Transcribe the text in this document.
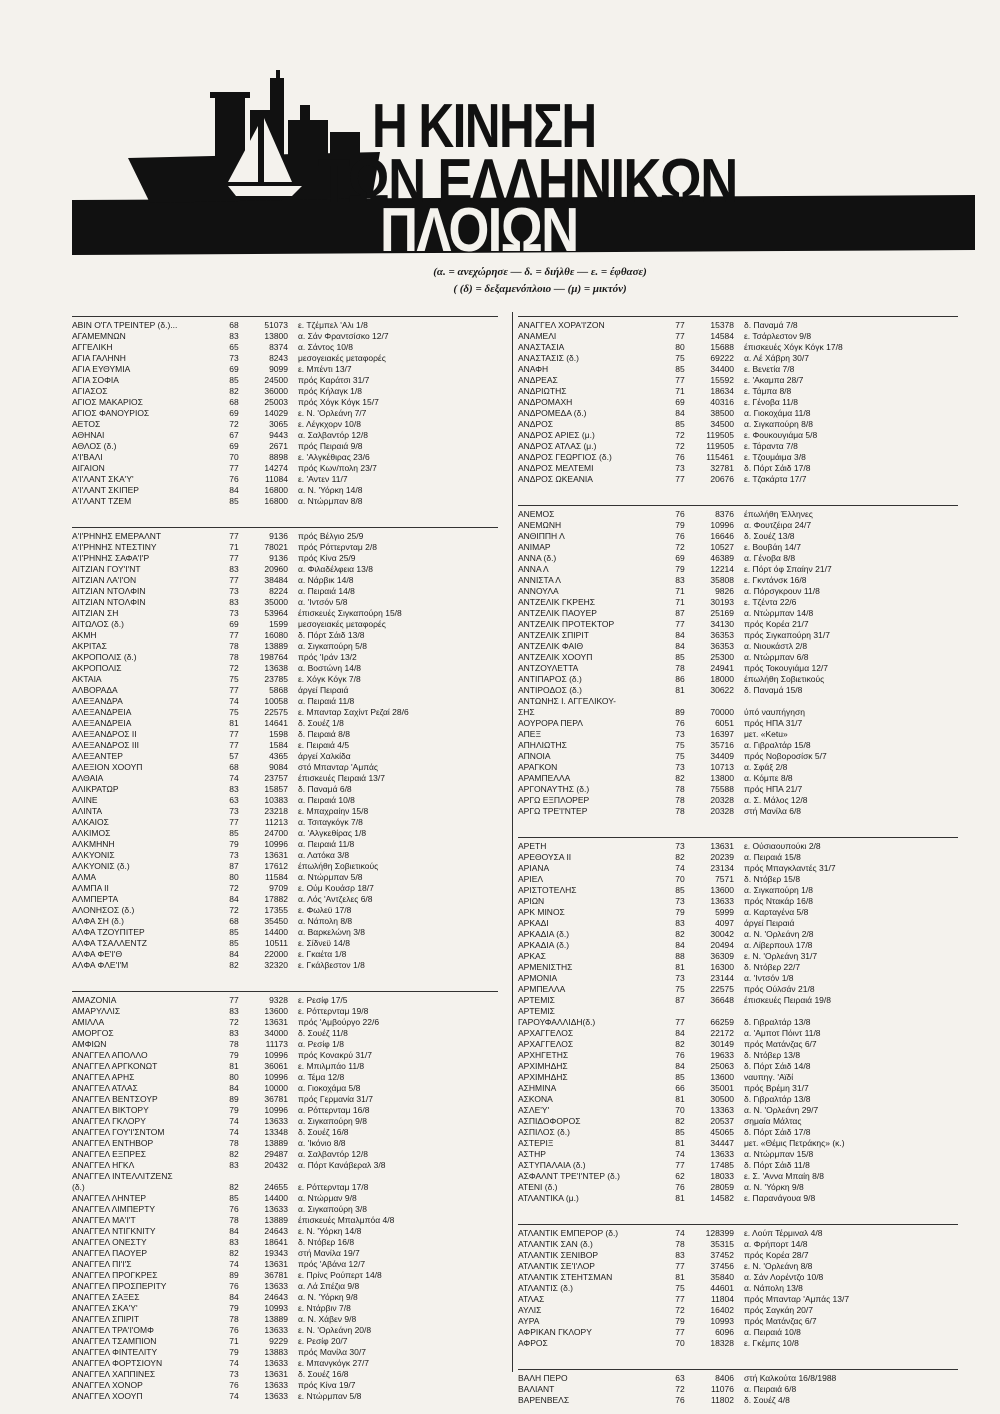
Η ΚΙΝΗΣΗ
ΤΩΝ ΕΛΛΗΝΙΚΩΝ
ΠΛΟΙΩΝ
(α. = ανεχώρησε — δ. = διήλθε — ε. = έφθασε)
( (δ) = δεξαμενόπλοιο — (μ) = μικτόν)
ΑΒΙΝ Ο'ΓΛ ΤΡΕΙΝΤΕΡ (δ.)...	68	51073	ε. Τζέμπελ 'Αλι 1/8
ΑΓΑΜΕΜΝΩΝ	83	13800	α. Σάν Φραντσίσκο 12/7
ΑΓΓΕΛΙΚΗ	65	8374	α. Σάντος 10/8
ΑΓΙΑ ΓΑΛΗΝΗ	73	8243	μεσογειακές μεταφορές
ΑΓΙΑ ΕΥΘΥΜΙΑ	69	9099	ε. Μπέντι 13/7
ΑΓΙΑ ΣΟΦΙΑ	85	24500	πρός Καράτσι 31/7
ΑΓΙΑΣΟΣ	82	36000	πρός Κήλαγκ 1/8
ΑΓΙΟΣ ΜΑΚΑΡΙΟΣ	68	25003	πρός Χόγκ Κόγκ 15/7
ΑΓΙΟΣ ΦΑΝΟΥΡΙΟΣ	69	14029	ε. Ν. 'Ορλεάνη 7/7
ΑΕΤΟΣ	72	3065	ε. Λέγκχορν 10/8
ΑΘΗΝΑΙ	67	9443	α. Σαλβαντόρ 12/8
ΑΘΛΟΣ (δ.)	69	2671	πρός Πειραιά 9/8
Α'Ι'ΒΑΛΙ	70	8898	ε. 'Αλγκέθιρας 23/6
ΑΙΓΑΙΟΝ	77	14274	πρός Κων/πολη 23/7
Α'Ι'ΛΑΝΤ ΣΚΑ'Υ'	76	11084	ε. 'Αντεν 11/7
Α'Ι'ΛΑΝΤ ΣΚΙΠΕΡ	84	16800	α. Ν. 'Υόρκη 14/8
Α'Ι'ΛΑΝΤ ΤΖΕΜ	85	16800	α. Ντώρμπαν 8/8
Α'Ι'ΡΗΝΗΣ ΕΜΕΡΑΛΝΤ	77	9136	πρός Βέλγιο 25/9
Α'Ι'ΡΗΝΗΣ ΝΤΕΣΤΙΝΥ	71	78021	πρός Ρόττερνταμ 2/8
Α'Ι'ΡΗΝΗΣ ΣΑΦΑ'Ι'Ρ	77	9136	πρός Κίνα 25/9
ΑΙΤΖΙΑΝ ΓΟΥ'Ι'ΝΤ	83	20960	α. Φιλαδέλφεια 13/8
ΑΙΤΖΙΑΝ ΛΑ'Ι'ΟΝ	77	38484	α. Νάρβικ 14/8
ΑΙΤΖΙΑΝ ΝΤΟΛΦΙΝ	73	8224	α. Πειραιά 14/8
ΑΙΤΖΙΑΝ ΝΤΟΛΦΙΝ	83	35000	α. 'Ιντσόν 5/8
ΑΙΤΖΙΑΝ ΣΗ	73	53964	έπισκευές Σιγκαπούρη 15/8
ΑΙΤΩΛΟΣ (δ.)	69	1599	μεσογειακές μεταφορές
ΑΚΜΗ	77	16080	δ. Πόρτ Σάιδ 13/8
ΑΚΡΙΤΑΣ	78	13889	α. Σιγκαπούρη 5/8
ΑΚΡΟΠΟΛΙΣ (δ.)	78	198764	πρός 'Ιράν 13/2
ΑΚΡΟΠΟΛΙΣ	72	13638	α. Βοστώνη 14/8
ΑΚΤΑΙΑ	75	23785	ε. Χόγκ Κόγκ 7/8
ΑΛΒΟΡΑΔΑ	77	5868	άργεί Πειραιά
ΑΛΕΞΑΝΔΡΑ	74	10058	α. Πειραιά 11/8
ΑΛΕΞΑΝΔΡΕΙΑ	75	22575	ε. Μπανταρ Σαχίντ Ρεζαί 28/6
ΑΛΕΞΑΝΔΡΕΙΑ	81	14641	δ. Σουέζ 1/8
ΑΛΕΞΑΝΔΡΟΣ ΙΙ	77	1598	δ. Πειραιά 8/8
ΑΛΕΞΑΝΔΡΟΣ ΙΙΙ	77	1584	ε. Πειραιά 4/5
ΑΛΕΞΑΝΤΕΡ	57	4365	άργεί Χαλκίδα
ΑΛΕΞΙΟΝ ΧΟΟΥΠ	68	9084	στό Μπανταρ 'Αμπάς
ΑΛΘΑΙΑ	74	23757	έπισκευές Πειραιά 13/7
ΑΛΙΚΡΑΤΩΡ	83	15857	δ. Παναμά 6/8
ΑΛΙΝΕ	63	10383	α. Πειραιά 10/8
ΑΛΙΝΤΑ	73	23218	ε. Μπαχραίην 15/8
ΑΛΚΑΙΟΣ	77	11213	α. Τσιταγκόγκ 7/8
ΑΛΚΙΜΟΣ	85	24700	α. 'Αλγκεθίρας 1/8
ΑΛΚΜΗΝΗ	79	10996	α. Πειραιά 11/8
ΑΛΚΥΟΝΙΣ	73	13631	α. Λατόκα 3/8
ΑΛΚΥΟΝΙΣ (δ.)	87	17612	έπωλήθη Σοβιετικούς
ΑΛΜΑ	80	11584	α. Ντώρμπαν 5/8
ΑΛΜΠΑ ΙΙ	72	9709	ε. Ούμ Κουάσρ 18/7
ΑΛΜΠΕΡΤΑ	84	17882	α. Λός 'Αντζελες 6/8
ΑΛΟΝΗΣΟΣ (δ.)	72	17355	ε. Φωλεϋ 17/8
ΑΛΦΑ ΣΗ (δ.)	68	35450	α. Νάπολη 8/8
ΑΛΦΑ ΤΖΟΥΠΙΤΕΡ	85	14400	α. Βαρκελώνη 3/8
ΑΛΦΑ ΤΣΑΛΛΕΝΤΖ	85	10511	ε. Σίδνεϋ 14/8
ΑΛΦΑ ΦΕ'Ι'Θ	84	22000	ε. Γκαέτα 1/8
ΑΛΦΑ ΦΛΕ'Ι'Μ	82	32320	ε. Γκάλβεστον 1/8
ΑΜΑΖΟΝΙΑ	77	9328	ε. Ρεσίφ 17/5
ΑΜΑΡΥΛΛΙΣ	83	13600	ε. Ρόττερνταμ 19/8
ΑΜΙΛΛΑ	72	13631	πρός 'Αμβούργο 22/6
ΑΜΟΡΓΟΣ	83	34000	δ. Σουέζ 11/8
ΑΜΦΙΩΝ	78	11173	α. Ρεσίφ 1/8
ΑΝΑΓΓΕΛ ΑΠΟΛΛΟ	79	10996	πρός Κονακρύ 31/7
ΑΝΑΓΓΕΛ ΑΡΓΚΟΝΩΤ	81	36061	ε. Μπιλμπάο 11/8
ΑΝΑΓΓΕΛ ΑΡΗΣ	80	10996	α. Τέμα 12/8
ΑΝΑΓΓΕΛ ΑΤΛΑΣ	84	10000	α. Γιοκοχάμα 5/8
ΑΝΑΓΓΕΛ ΒΕΝΤΣΟΥΡ	89	36781	πρός Γερμανία 31/7
ΑΝΑΓΓΕΛ ΒΙΚΤΟΡΥ	79	10996	α. Ρόττερνταμ 16/8
ΑΝΑΓΓΕΛ ΓΚΛΟΡΥ	74	13633	α. Σιγκαπούρη 9/8
ΑΝΑΓΓΕΛ ΓΟΥ'Ι'ΣΝΤΟΜ	74	13348	δ. Σουέζ 16/8
ΑΝΑΓΓΕΛ ΕΝΤΗΒΟΡ	78	13889	α. 'Ικόνιο 8/8
ΑΝΑΓΓΕΛ ΕΞΠΡΕΣ	82	29487	α. Σαλβαντόρ 12/8
ΑΝΑΓΓΕΛ ΗΓΚΛ	83	20432	α. Πόρτ Κανάβεραλ 3/8
ΑΝΑΓΓΕΛ ΙΝΤΕΛΛΙΤΖΕΝΣ
(δ.)	82	24655	ε. Ρόττερνταμ 17/8
ΑΝΑΓΓΕΛ ΛΗΝΤΕΡ	85	14400	α. Ντώρμαν 9/8
ΑΝΑΓΓΕΛ ΛΙΜΠΕΡΤΥ	76	13633	α. Σιγκαπούρη 3/8
ΑΝΑΓΓΕΛ ΜΑ'Ι'Τ	78	13889	έπισκευές Μπαλμπόα 4/8
ΑΝΑΓΓΕΛ ΝΤΙΓΚΝΙΤΥ	84	24643	ε. Ν. 'Υόρκη 14/8
ΑΝΑΓΓΕΛ ΟΝΕΣΤΥ	83	18641	δ. Ντόβερ 16/8
ΑΝΑΓΓΕΛ ΠΑΟΥΕΡ	82	19343	στή Μανίλα 19/7
ΑΝΑΓΓΕΛ ΠΙ'Ι'Σ	74	13631	πρός 'Αβάνα 12/7
ΑΝΑΓΓΕΛ ΠΡΟΓΚΡΕΣ	89	36781	ε. Πρίνς Ρούπερτ 14/8
ΑΝΑΓΓΕΛ ΠΡΟΣΠΕΡΙΤΥ	76	13633	α. Λά Σπέζια 9/8
ΑΝΑΓΓΕΛ ΣΑΞΕΣ	84	24643	α. Ν. 'Υόρκη 9/8
ΑΝΑΓΓΕΛ ΣΚΑ'Υ'	79	10993	ε. Ντάρβιν 7/8
ΑΝΑΓΓΕΛ ΣΠΙΡΙΤ	78	13889	α. Ν. Χάβεν 9/8
ΑΝΑΓΓΕΛ ΤΡΑ'Ι'ΟΜΦ	76	13633	ε. Ν. 'Ορλεάνη 20/8
ΑΝΑΓΓΕΛ ΤΣΑΜΠΙΟΝ	71	9229	ε. Ρεσίφ 20/7
ΑΝΑΓΓΕΛ ΦΙΝΤΕΛΙΤΥ	79	13883	πρός Μανίλα 30/7
ΑΝΑΓΓΕΛ ΦΟΡΤΣΙΟΥΝ	74	13633	ε. Μπανγκόγκ 27/7
ΑΝΑΓΓΕΛ ΧΑΠΠΙΝΕΣ	73	13631	δ. Σουέζ 16/8
ΑΝΑΓΓΕΛ ΧΟΝΟΡ	76	13633	πρός Κίνα 19/7
ΑΝΑΓΓΕΛ ΧΟΟΥΠ	74	13633	ε. Ντώρμπαν 5/8
ΑΝΑΓΓΕΛ ΧΟΡΑ'Ι'ΖΟΝ	77	15378	δ. Παναμά 7/8
ΑΝΑΜΕΛΙ	77	14584	ε. Τσάρλεστον 9/8
ΑΝΑΣΤΑΣΙΑ	80	15688	έπισκευές Χόγκ Κόγκ 17/8
ΑΝΑΣΤΑΣΙΣ (δ.)	75	69222	α. Λέ Χάβρη 30/7
ΑΝΑΦΗ	85	34400	ε. Βενετία 7/8
ΑΝΔΡΕΑΣ	77	15592	ε. 'Ακαμπα 28/7
ΑΝΔΡΙΩΤΗΣ	71	18634	ε. Τάμπα 8/8
ΑΝΔΡΟΜΑΧΗ	69	40316	ε. Γένοβα 11/8
ΑΝΔΡΟΜΕΔΑ (δ.)	84	38500	α. Γιοκοχάμα 11/8
ΑΝΔΡΟΣ	85	34500	α. Σιγκαπούρη 8/8
ΑΝΔΡΟΣ ΑΡΙΕΣ (μ.)	72	119505	ε. Φουκουγιάμα 5/8
ΑΝΔΡΟΣ ΑΤΛΑΣ (μ.)	72	119505	ε. Τάραντα 7/8
ΑΝΔΡΟΣ ΓΕΩΡΓΙΟΣ (δ.)	76	115461	ε. Τζουμάιμα 3/8
ΑΝΔΡΟΣ ΜΕΛΤΕΜΙ	73	32781	δ. Πόρτ Σάιδ 17/8
ΑΝΔΡΟΣ ΩΚΕΑΝΙΑ	77	20676	ε. Τζακάρτα 17/7
ΑΝΕΜΟΣ	76	8376	έπωλήθη Έλληνες
ΑΝΕΜΩΝΗ	79	10996	α. Φουτζέιρα 24/7
ΑΝΘΙΠΠΗ Λ	76	16646	δ. Σουέζ 13/8
ΑΝΙΜΑΡ	72	10527	ε. Βουβάη 14/7
ΑΝΝΑ (δ.)	69	46389	α. Γένοβα 8/8
ΑΝΝΑ Λ	79	12214	ε. Πόρτ όφ Σπαίην 21/7
ΑΝΝΙΣΤΑ Λ	83	35808	ε. Γκντάνσκ 16/8
ΑΝΝΟΥΛΑ	71	9826	α. Πόρσγκρουν 11/8
ΑΝΤΖΕΛΙΚ ΓΚΡΕΗΣ	71	30193	ε. Τζέντα 22/6
ΑΝΤΖΕΛΙΚ ΠΑΟΥΕΡ	87	25169	α. Ντώρμπαν 14/8
ΑΝΤΖΕΛΙΚ ΠΡΟΤΕΚΤΟΡ	77	34130	πρός Κορέα 21/7
ΑΝΤΖΕΛΙΚ ΣΠΙΡΙΤ	84	36353	πρός Σιγκαπούρη 31/7
ΑΝΤΖΕΛΙΚ ΦΑΙΘ	84	36353	α. Νιουκάστλ 2/8
ΑΝΤΖΕΛΙΚ ΧΟΟΥΠ	85	25300	α. Ντώρμπαν 6/8
ΑΝΤΖΟΥΛΕΤΤΑ	78	24941	πρός Τοκουγιάμα 12/7
ΑΝΤΙΠΑΡΟΣ (δ.)	86	18000	έπωλήθη Σοβιετικούς
ΑΝΤΙΡΟΔΟΣ (δ.)	81	30622	δ. Παναμά 15/8
ΑΝΤΩΝΗΣ Ι. ΑΓΓΕΛΙΚΟΥ-
ΣΗΣ	89	70000	ύπό ναυπήγηση
ΑΟΥΡΟΡΑ ΠΕΡΛ	76	6051	πρός ΗΠΑ 31/7
ΑΠΕΞ	73	16397	μετ. «Κetu»
ΑΠΗΛΙΩΤΗΣ	75	35716	α. Γιβραλτάρ 15/8
ΑΠΝΟΙΑ	75	34409	πρός Νοβοροσίσκ 5/7
ΑΡΑΓΚΟΝ	73	10713	α. Σφάξ 2/8
ΑΡΑΜΠΕΛΛΑ	82	13800	α. Κόμπε 8/8
ΑΡΓΟΝΑΥΤΗΣ (δ.)	78	75588	πρός ΗΠΑ 21/7
ΑΡΓΩ ΕΞΠΛΟΡΕΡ	78	20328	α. Σ. Μάλος 12/8
ΑΡΓΩ ΤΡΕ'Ι'ΝΤΕΡ	78	20328	στή Μανίλα 6/8
ΑΡΕΤΗ	73	13631	ε. Ούσιαουπούκι 2/8
ΑΡΕΘΟΥΣΑ ΙΙ	82	20239	α. Πειραιά 15/8
ΑΡΙΑΝΑ	74	23134	πρός Μπαγκλαντές 31/7
ΑΡΙΕΛ	70	7571	δ. Ντόβερ 15/8
ΑΡΙΣΤΟΤΕΛΗΣ	85	13600	α. Σιγκαπούρη 1/8
ΑΡΙΩΝ	73	13633	πρός Ντακάρ 16/8
ΑΡΚ ΜΙΝΟΣ	79	5999	α. Καρταγένα 5/8
ΑΡΚΑΔΙ	83	4097	άργεί Πειραιά
ΑΡΚΑΔΙΑ (δ.)	82	30042	α. Ν. 'Ορλεάνη 2/8
ΑΡΚΑΔΙΑ (δ.)	84	20494	α. Λίβερπουλ 17/8
ΑΡΚΑΣ	88	36309	ε. Ν. 'Ορλεάνη 31/7
ΑΡΜΕΝΙΣΤΗΣ	81	16300	δ. Ντόβερ 22/7
ΑΡΜΟΝΙΑ	73	23144	α. 'Ιντσόν 1/8
ΑΡΜΠΕΛΛΑ	75	22575	πρός Ούλσάν 21/8
ΑΡΤΕΜΙΣ	87	36648	έπισκευές Πειραιά 19/8
ΑΡΤΕΜΙΣ
ΓΑΡΟΥΦΑΛΛΙΔΗ(δ.)	77	66259	δ. Γιβραλτάρ 13/8
ΑΡΧΑΓΓΕΛΟΣ	84	22172	α. 'Αμποτ Πόιντ 11/8
ΑΡΧΑΓΓΕΛΟΣ	82	30149	πρός Ματάνζας 6/7
ΑΡΧΗΓΕΤΗΣ	76	19633	δ. Ντόβερ 13/8
ΑΡΧΙΜΗΔΗΣ	84	25063	δ. Πόρτ Σάιδ 14/8
ΑΡΧΙΜΗΔΗΣ	85	13600	ναυπηγ. 'Αϊδί
ΑΣΗΜΙΝΑ	66	35001	πρός Βρέμη 31/7
ΑΣΚΟΝΑ	81	30500	δ. Γιβραλτάρ 13/8
ΑΣΛΕ'Υ'	70	13363	α. Ν. 'Ορλεάνη 29/7
ΑΣΠΙΔΟΦΟΡΟΣ	82	20537	σημαία Μάλτας
ΑΣΠΙΛΟΣ (δ.)	85	45065	δ. Πόρτ Σάιδ 17/8
ΑΣΤΕΡΙΞ	81	34447	μετ. «Θέμις Πετράκης» (κ.)
ΑΣΤΗΡ	74	13633	α. Ντώρμπαν 15/8
ΑΣΤΥΠΑΛΑΙΑ (δ.)	77	17485	δ. Πόρτ Σάιδ 11/8
ΑΣΦΑΛΝΤ ΤΡΕ'Ι'ΝΤΕΡ (δ.)	62	18033	ε. Σ. 'Αννα Μπαίη 8/8
ΑΤΕΝΙ (δ.)	76	28059	α. Ν. 'Υόρκη 9/8
ΑΤΛΑΝΤΙΚΑ (μ.)	81	14582	ε. Παρανάγουα 9/8
ΑΤΛΑΝΤΙΚ ΕΜΠΕΡΟΡ (δ.)	74	128399	ε. Λούπ Τέρμιναλ 4/8
ΑΤΛΑΝΤΙΚ ΣΑΝ (δ.)	78	35315	α. Φρήπορτ 14/8
ΑΤΛΑΝΤΙΚ ΣΕΝΙΒΟΡ	83	37452	πρός Κορέα 28/7
ΑΤΛΑΝΤΙΚ ΣΕ'Ι'ΛΟΡ	77	37456	ε. Ν. 'Ορλεάνη 8/8
ΑΤΛΑΝΤΙΚ ΣΤΕΗΤΣΜΑΝ	81	35840	α. Σάν Λορέντζο 10/8
ΑΤΛΑΝΤΙΣ (δ.)	75	44601	α. Νάπολη 13/8
ΑΤΛΑΣ	77	11804	πρός Μπανταρ 'Αμπάς 13/7
ΑΥΛΙΣ	72	16402	πρός Σαγκάη 20/7
ΑΥΡΑ	79	10993	πρός Ματάνζας 6/7
ΑΦΡΙΚΑΝ ΓΚΛΟΡΥ	77	6096	α. Πειραιά 10/8
ΑΦΡΟΣ	70	18328	ε. Γκέμπς 10/8
ΒΑΛΗ ΠΕΡΟ	63	8406	στή Καλκούτα 16/8/1988
ΒΑΛΙΑΝΤ	72	11076	α. Πειραιά 6/8
ΒΑΡΕΝΒΕΛΣ	76	11802	δ. Σουέζ 4/8
